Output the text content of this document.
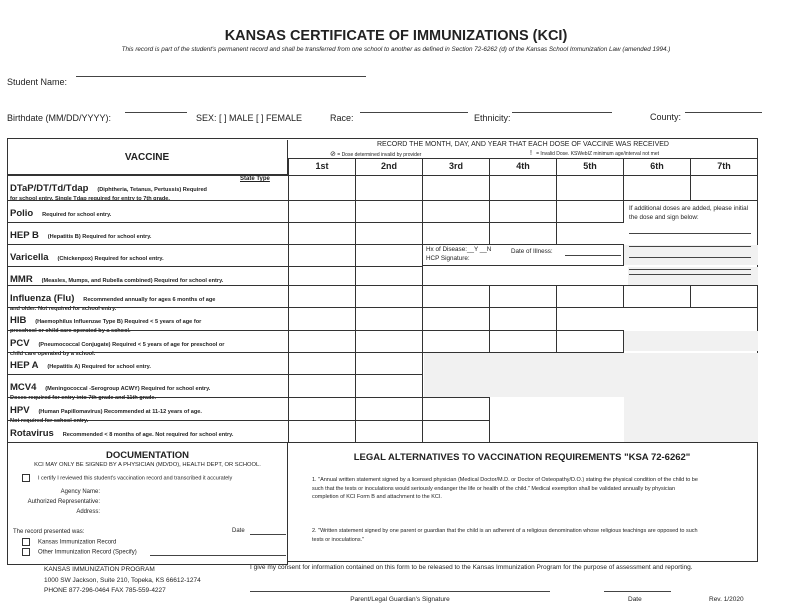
KANSAS CERTIFICATE OF IMMUNIZATIONS (KCI)
This record is part of the student's permanent record and shall be transferred from one school to another as defined in Section 72-6262 (d) of the Kansas School Immunization Law (amended 1994.)
Student Name:
Birthdate (MM/DD/YYYY):	SEX: [ ] MALE [ ] FEMALE	Race:	Ethnicity:	County:
VACCINE
RECORD THE MONTH, DAY, AND YEAR THAT EACH DOSE OF VACCINE WAS RECEIVED
⊘ = Dose determined invalid by provider	! = Invalid Dose. KSWebIZ minimum age/interval not met
1st	2nd	3rd	4th	5th	6th	7th
DTaP/DT/Td/Tdap (Diphtheria, Tetanus, Pertussis) Required
for school entry. Single Tdap required for entry to 7th grade.
Polio Required for school entry.
HEP B (Hepatitis B) Required for school entry.
Varicella (Chickenpox) Required for school entry.
MMR (Measles, Mumps, and Rubella combined) Required for school entry.
Influenza (Flu) Recommended annually for ages 6 months of age
and older. Not required for school entry.
HIB (Haemophilus Influenzae Type B) Required < 5 years of age for
preschool or child care operated by a school.
PCV (Pneumococcal Conjugate) Required < 5 years of age for preschool or
child care operated by a school.
HEP A (Hepatitis A) Required for school entry.
MCV4 (Meningococcal -Serogroup ACWY) Required for school entry.
Doses required for entry into 7th grade and 11th grade.
HPV (Human Papillomavirus) Recommended at 11-12 years of age.
Not required for school entry.
Rotavirus Recommended < 8 months of age. Not required for school entry.
State Type
If additional doses are added, please initial the dose and sign below:
Hx of Disease:__Y __N
HCP Signature:
Date of Illness:
DOCUMENTATION
KCI MAY ONLY BE SIGNED BY A PHYSICIAN (MD/DO), HEALTH DEPT, OR SCHOOL.
I certify I reviewed this student's vaccination record and transcribed it accurately
Agency Name:
Authorized Representative:
Address:
The record presented was:	Date
Kansas Immunization Record
Other Immunization Record (Specify)
LEGAL ALTERNATIVES TO VACCINATION REQUIREMENTS "KSA 72-6262"
1. "Annual written statement signed by a licensed physician (Medical Doctor/M.D. or Doctor of Osteopathy/D.O.) stating the physical condition of the child to be such that the tests or inoculations would seriously endanger the life or health of the child." Medical exemption shall be validated annually by physician completion of KCI Form B and attachment to the KCI.
2. "Written statement signed by one parent or guardian that the child is an adherent of a religious denomination whose religious teachings are opposed to such tests or inoculations."
KANSAS IMMUNIZATION PROGRAM
1000 SW Jackson, Suite 210, Topeka, KS 66612-1274
PHONE 877-296-0464 FAX 785-559-4227
I give my consent for information contained on this form to be released to the Kansas Immunization Program for the purpose of assessment and reporting.
Parent/Legal Guardian's Signature	Date	Rev. 1/2020
